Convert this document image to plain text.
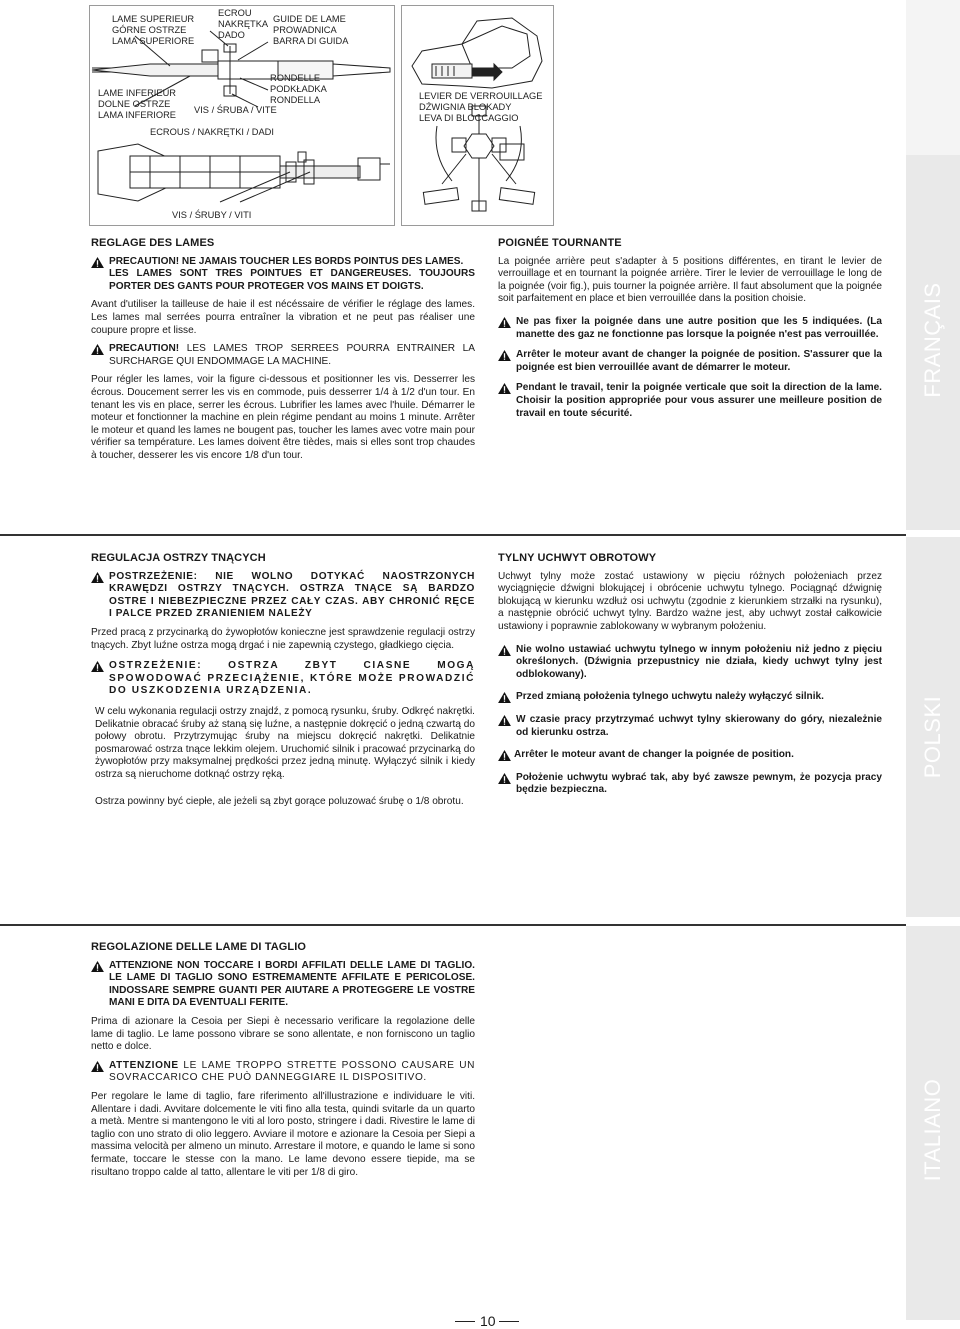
LAME SUPERIEUR
GÓRNE OSTRZE
LAMA SUPERIORE
ECROU
NAKRĘTKA
DADO
GUIDE DE LAME
PROWADNICA
BARRA DI GUIDA
LAME INFERIEUR
DOLNE OSTRZE
LAMA INFERIORE
RONDELLE
PODKŁADKA
RONDELLA
VIS / ŚRUBA / VITE
ECROUS / NAKRĘTKI / DADI
VIS / ŚRUBY / VITI
LEVIER DE VERROUILLAGE
DŹWIGNIA BLOKADY
LEVA DI BLOCCAGGIO
FRANÇAIS
POLSKI
ITALIANO
REGLAGE DES LAMES
PRECAUTION! NE JAMAIS TOUCHER LES BORDS POINTUS DES LAMES.
LES LAMES SONT TRES POINTUES ET DANGEREUSES. TOUJOURS PORTER DES GANTS POUR PROTEGER VOS MAINS ET DOIGTS.

Avant d'utiliser la tailleuse de haie il est nécéssaire de vérifier le réglage des lames. Les lames mal serrées pourra entraîner la vibration et ne peut pas réaliser une coupure propre et lisse.

PRECAUTION! LES LAMES TROP SERREES POURRA ENTRAINER LA SURCHARGE QUI ENDOMMAGE LA MACHINE.

Pour régler les lames, voir la figure ci-dessous et positionner les vis. Desserrer les écrous. Doucement serrer les vis en commode, puis desserrer 1/4 à 1/2 d'un tour. En tenant les vis en place, serrer les écrous. Lubrifier les lames avec l'huile. Démarrer le moteur et fonctionner la machine en plein régime pendant au moins 1 minute. Arrêter le moteur et quand les lames ne bougent pas, toucher les lames avec votre main pour vérifier sa température. Les lames doivent être tièdes, mais si elles sont trop chaudes à toucher, desserer les vis encore 1/8 d'un tour.

POIGNÉE TOURNANTE

La poignée arrière peut s'adapter à 5 positions différentes, en tirant le levier de verrouillage et en tournant la poignée arrière. Tirer le levier de verrouillage le long de la poignée (voir fig.), puis tourner la poignée arrière. Il faut absolument que la poignée soit parfaitement en place et bien verrouillée dans la position choisie.

Ne pas fixer la poignée dans une autre position que les 5 indiquées. (La manette des gaz ne fonctionne pas lorsque la poignée n'est pas verrouillée.
Arrêter le moteur avant de changer la poignée de position. S'assurer que la poignée est bien verrouillée avant de démarrer le moteur.
Pendant le travail, tenir la poignée verticale que soit la direction de la lame. Choisir la position appropriée pour vous assurer une meilleure position de travail en toute sécurité.
REGULACJA OSTRZY TNĄCYCH
POSTRZEŻENIE: NIE WOLNO DOTYKAĆ NAOSTRZONYCH KRAWĘDZI OSTRZY TNĄCYCH. OSTRZA TNĄCE SĄ BARDZO OSTRE I NIEBEZPIECZNE PRZEZ CAŁY CZAS. ABY CHRONIĆ RĘCE I PALCE PRZED ZRANIENIEM NALEŻY

Przed pracą z przycinarką do żywopłotów konieczne jest sprawdzenie regulacji ostrzy tnących. Zbyt luźne ostrza mogą drgać i nie zapewnią czystego, gładkiego cięcia.

OSTRZEŻENIE: OSTRZA ZBYT CIASNE MOGĄ SPOWODOWAĆ PRZECIĄŻENIE, KTÓRE MOŻE PROWADZIĆ DO USZKODZENIA URZĄDZENIA.

W celu wykonania regulacji ostrzy znajdź, z pomocą rysunku, śruby. Odkręć nakrętki. Delikatnie obracać śruby aż staną się luźne, a następnie dokręcić o jedną czwartą do połowy obrotu. Przytrzymując śruby na miejscu dokręcić nakrętki. Delikatnie posmarować ostrza tnące lekkim olejem. Uruchomić silnik i pracować przycinarką do żywopłotów przy maksymalnej prędkości przez jedną minutę. Wyłączyć silnik i kiedy ostrza są nieruchome dotknąć ostrzy ręką.

Ostrza powinny być ciepłe, ale jeżeli są zbyt gorące poluzować śrubę o 1/8 obrotu.

TYLNY UCHWYT OBROTOWY

Uchwyt tylny może zostać ustawiony w pięciu różnych położeniach przez wyciągnięcie dźwigni blokującej i obrócenie uchwytu tylnego. Pociągnąć dźwignię blokującą w kierunku wzdłuż osi uchwytu (zgodnie z kierunkiem strzałki na rysunku), a następnie obrócić uchwyt tylny. Bardzo ważne jest, aby uchwyt został całkowicie ustawiony i poprawnie zablokowany w wybranym położeniu.

Nie wolno ustawiać uchwytu tylnego w innym położeniu niż jedno z pięciu określonych. (Dźwignia przepustnicy nie działa, kiedy uchwyt tylny jest odblokowany).
Przed zmianą położenia tylnego uchwytu należy wyłączyć silnik.
W czasie pracy przytrzymać uchwyt tylny skierowany do góry, niezależnie od kierunku ostrza.
Arrêter le moteur avant de changer la poignée de position.
Położenie uchwytu wybrać tak, aby być zawsze pewnym, że pozycja pracy będzie bezpieczna.
REGOLAZIONE DELLE LAME DI TAGLIO
ATTENZIONE NON TOCCARE I BORDI AFFILATI DELLE LAME DI TAGLIO. LE LAME DI TAGLIO SONO ESTREMAMENTE AFFILATE E PERICOLOSE. INDOSSARE SEMPRE GUANTI PER AIUTARE A PROTEGGERE LE VOSTRE MANI E DITA DA EVENTUALI FERITE.

Prima di azionare la Cesoia per Siepi è necessario verificare la regolazione delle lame di taglio. Le lame possono vibrare se sono allentate, e non forniscono un taglio netto e dolce.

ATTENZIONE LE LAME TROPPO STRETTE POSSONO CAUSARE UN SOVRACCARICO CHE PUÒ DANNEGGIARE IL DISPOSITIVO.

Per regolare le lame di taglio, fare riferimento all'illustrazione e individuare le viti. Allentare i dadi. Avvitare dolcemente le viti fino alla testa, quindi svitarle da un quarto a metà. Mentre si mantengono le viti al loro posto, stringere i dadi. Rivestire le lame di taglio con uno strato di olio leggero. Avviare il motore e azionare la Cesoia per Siepi a massima velocità per almeno un minuto. Arrestare il motore, e quando le lame si sono fermate, toccare le stesse con la mano. Le lame devono essere tiepide, ma se risultano troppo calde al tatto, allentare le viti per 1/8 di giro.

10
